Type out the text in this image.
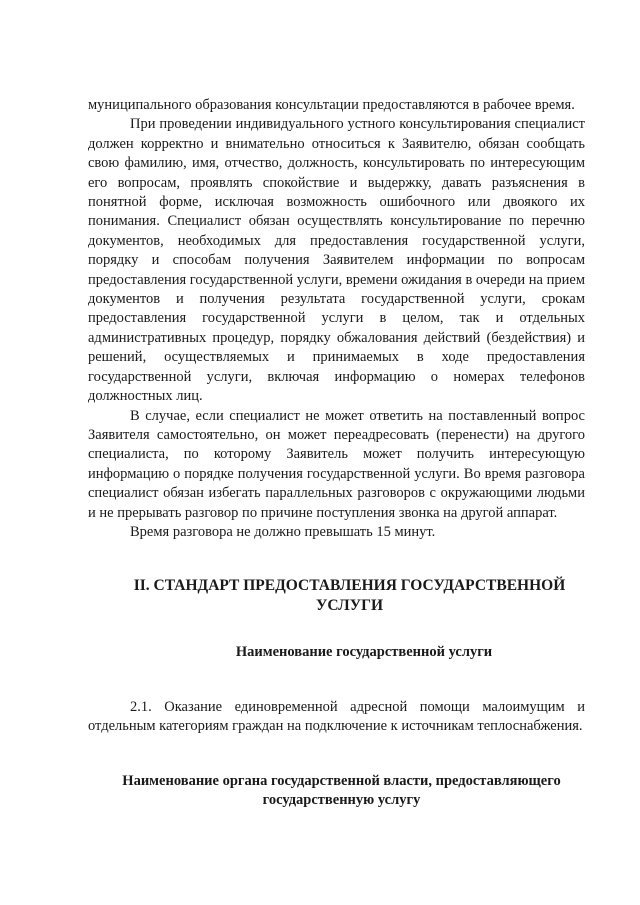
муниципального образования консультации предоставляются в рабочее время.

При проведении индивидуального устного консультирования специалист должен корректно и внимательно относиться к Заявителю, обязан сообщать свою фамилию, имя, отчество, должность, консультировать по интересующим его вопросам, проявлять спокойствие и выдержку, давать разъяснения в понятной форме, исключая возможность ошибочного или двоякого их понимания. Специалист обязан осуществлять консультирование по перечню документов, необходимых для предоставления государственной услуги, порядку и способам получения Заявителем информации по вопросам предоставления государственной услуги, времени ожидания в очереди на прием документов и получения результата государственной услуги, срокам предоставления государственной услуги в целом, так и отдельных административных процедур, порядку обжалования действий (бездействия) и решений, осуществляемых и принимаемых в ходе предоставления государственной услуги, включая информацию о номерах телефонов должностных лиц.

В случае, если специалист не может ответить на поставленный вопрос Заявителя самостоятельно, он может переадресовать (перенести) на другого специалиста, по которому Заявитель может получить интересующую информацию о порядке получения государственной услуги. Во время разговора специалист обязан избегать параллельных разговоров с окружающими людьми и не прерывать разговор по причине поступления звонка на другой аппарат.

Время разговора не должно превышать 15 минут.

II. СТАНДАРТ ПРЕДОСТАВЛЕНИЯ ГОСУДАРСТВЕННОЙ УСЛУГИ
Наименование государственной услуги

2.1. Оказание единовременной адресной помощи малоимущим и отдельным категориям граждан на подключение к источникам теплоснабжения.

Наименование органа государственной власти, предоставляющего государственную услугу
